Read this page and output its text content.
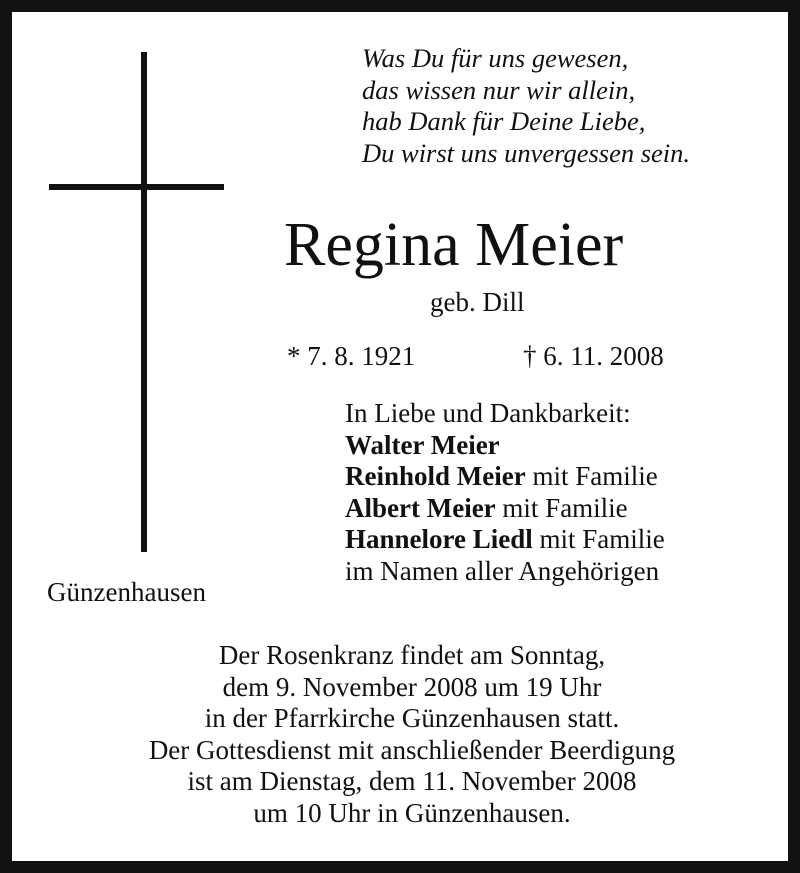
Was Du für uns gewesen,
das wissen nur wir allein,
hab Dank für Deine Liebe,
Du wirst uns unvergessen sein.
Regina Meier
geb. Dill
* 7. 8. 1921	† 6. 11. 2008
In Liebe und Dankbarkeit:
Walter Meier
Reinhold Meier mit Familie
Albert Meier mit Familie
Hannelore Liedl mit Familie
im Namen aller Angehörigen
Günzenhausen
Der Rosenkranz findet am Sonntag,
dem 9. November 2008 um 19 Uhr
in der Pfarrkirche Günzenhausen statt.
Der Gottesdienst mit anschließender Beerdigung
ist am Dienstag, dem 11. November 2008
um 10 Uhr in Günzenhausen.
